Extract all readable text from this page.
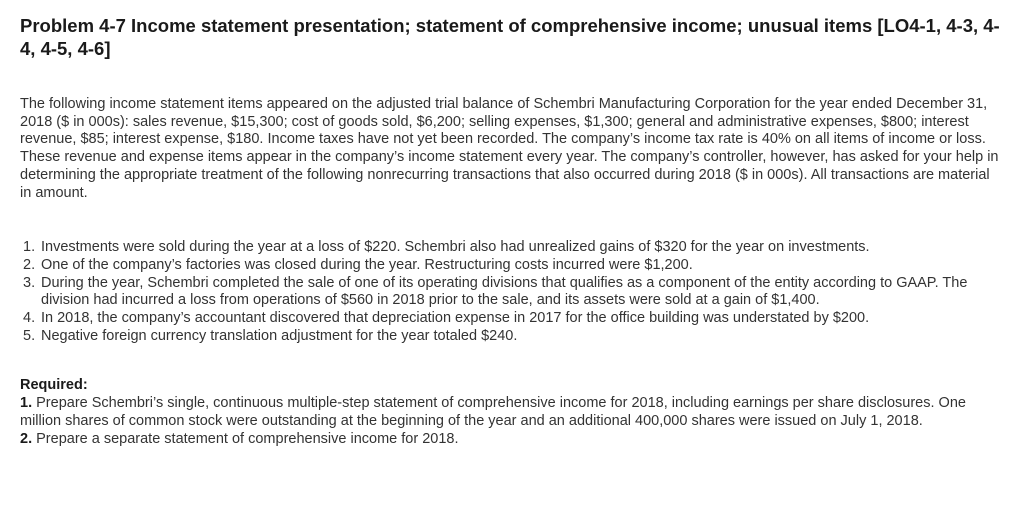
Problem 4-7 Income statement presentation; statement of comprehensive income; unusual items [LO4-1, 4-3, 4-4, 4-5, 4-6]

The following income statement items appeared on the adjusted trial balance of Schembri Manufacturing Corporation for the year ended December 31, 2018 ($ in 000s): sales revenue, $15,300; cost of goods sold, $6,200; selling expenses, $1,300; general and administrative expenses, $800; interest revenue, $85; interest expense, $180. Income taxes have not yet been recorded. The company’s income tax rate is 40% on all items of income or loss. These revenue and expense items appear in the company’s income statement every year. The company’s controller, however, has asked for your help in determining the appropriate treatment of the following nonrecurring transactions that also occurred during 2018 ($ in 000s). All transactions are material in amount.

1. Investments were sold during the year at a loss of $220. Schembri also had unrealized gains of $320 for the year on investments.
2. One of the company’s factories was closed during the year. Restructuring costs incurred were $1,200.
3. During the year, Schembri completed the sale of one of its operating divisions that qualifies as a component of the entity according to GAAP. The division had incurred a loss from operations of $560 in 2018 prior to the sale, and its assets were sold at a gain of $1,400.
4. In 2018, the company’s accountant discovered that depreciation expense in 2017 for the office building was understated by $200.
5. Negative foreign currency translation adjustment for the year totaled $240.
Required:
1. Prepare Schembri’s single, continuous multiple-step statement of comprehensive income for 2018, including earnings per share disclosures. One million shares of common stock were outstanding at the beginning of the year and an additional 400,000 shares were issued on July 1, 2018.
2. Prepare a separate statement of comprehensive income for 2018.
